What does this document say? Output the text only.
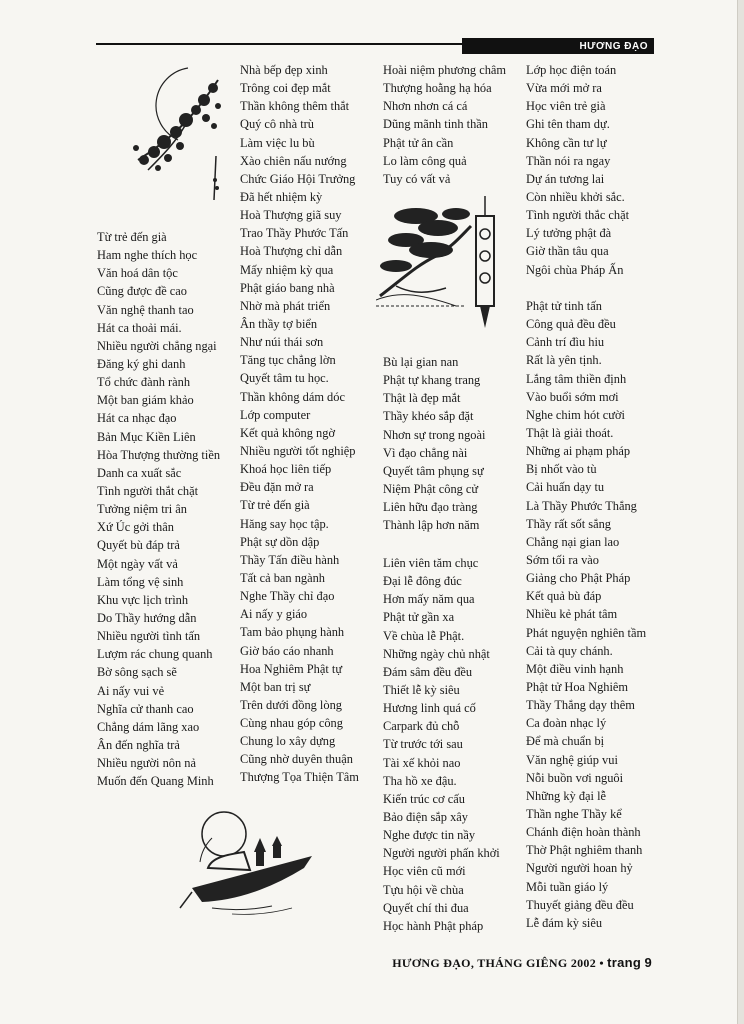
HƯƠNG ĐẠO
Từ trẻ đến già
Ham nghe thích học
Văn hoá dân tộc
Cũng được đề cao
Văn nghệ thanh tao
Hát ca thoải mái.
Nhiều người chẳng ngại
Đăng ký ghi danh
Tổ chức đành rành
Một ban giám khảo
Hát ca nhạc đạo
Bản Mục Kiền Liên
Hòa Thượng thường tiền
Danh ca xuất sắc
Tình người thắt chặt
Tưởng niệm tri ân
Xứ Úc gởi thân
Quyết bù đáp trả
Một ngày vất vả
Làm tổng vệ sinh
Khu vực lịch trình
Do Thầy hướng dẫn
Nhiều người tình tấn
Lượm rác chung quanh
Bờ sông sạch sẽ
Ai nấy vui vẻ
Nghĩa cử thanh cao
Chẳng dám lãng xao
Ân đến nghĩa trả
Nhiều người nôn nả
Muốn đến Quang Minh
Nhà bếp đẹp xinh
Trông coi đẹp mắt
Thần không thêm thắt
Quý cô nhà trù
Làm việc lu bù
Xào chiên nấu nướng
Chức Giáo Hội Trưởng
Đã hết nhiệm kỳ
Hoà Thượng giã suy
Trao Thầy Phước Tấn
Hoà Thượng chỉ dẫn
Mấy nhiệm kỳ qua
Phật giáo bang nhà
Nhờ mà phát triển
Ân thầy tợ biển
Như núi thái sơn
Tăng tục chẳng lờn
Quyết tâm tu học.
Thần không dám dóc
Lớp computer
Kết quả không ngờ
Nhiều người tốt nghiệp
Khoá học liên tiếp
Đều đặn mở ra
Từ trẻ đến già
Hăng say học tập.
Phật sự dồn dập
Thầy Tấn điều hành
Tất cả ban ngành
Nghe Thầy chỉ đạo
Ai nấy y giáo
Tam bảo phụng hành
Giờ báo cáo nhanh
Hoa Nghiêm Phật tự
Một ban trị sự
Trên dưới đồng lòng
Cùng nhau góp công
Chung lo xây dựng
Cũng nhờ duyên thuận
Thượng Tọa Thiện Tâm
Hoài niệm phương châm
Thượng hoằng hạ hóa
Nhơn nhơn cá cá
Dũng mãnh tinh thần
Phật tử ân cần
Lo làm công quả
Tuy có vất vả
Bù lại gian nan
Phật tự khang trang
Thật là đẹp mắt
Thầy khéo sắp đặt
Nhơn sự trong ngoài
Vì đạo chẳng nài
Quyết tâm phụng sự
Niệm Phật công cử
Liên hữu đạo tràng
Thành lập hơn năm
Liên viên tăm chục
Đại lễ đông đúc
Hơn mấy năm qua
Phật tử gần xa
Về chùa lễ Phật.
Những ngày chủ nhật
Đám sâm đều đều
Thiết lễ kỳ siêu
Hương linh quá cố
Carpark đủ chỗ
Từ trước tới sau
Tài xế khỏi nao
Tha hồ xe đậu.
Kiến trúc cơ cấu
Bảo điện sắp xây
Nghe được tin nầy
Người người phấn khởi
Học viên cũ mới
Tựu hội về chùa
Quyết chí thi đua
Học hành Phật pháp
Lớp học điện toán
Vừa mới mở ra
Học viên trẻ già
Ghi tên tham dự.
Không cần tư lự
Thần nói ra ngay
Dự án tương lai
Còn nhiều khởi sắc.
Tình người thắc chặt
Lý tưởng phật đà
Giờ thần tâu qua
Ngôi chùa Pháp Ấn
Phật tử tinh tấn
Công quả đều đều
Cảnh trí đìu hiu
Rất là yên tịnh.
Lắng tâm thiền định
Vào buổi sớm mơi
Nghe chim hót cười
Thật là giải thoát.
Những ai phạm pháp
Bị nhốt vào tù
Cải huấn dạy tu
Là Thầy Phước Thắng
Thầy rất sốt sắng
Chẳng nại gian lao
Sớm tối ra vào
Giảng cho Phật Pháp
Kết quả bù đáp
Nhiều kẻ phát tâm
Phát nguyện nghiên tầm
Cải tà quy chánh.
Một điều vinh hạnh
Phật tử Hoa Nghiêm
Thầy Thắng dạy thêm
Ca đoàn nhạc lý
Để mà chuẩn bị
Văn nghệ giúp vui
Nỗi buồn vơi nguôi
Những kỳ đại lễ
Thần nghe Thầy kể
Chánh điện hoàn thành
Thờ Phật nghiêm thanh
Người người hoan hỷ
Mỗi tuần giáo lý
Thuyết giảng đều đều
Lễ đám kỳ siêu
HƯƠNG ĐẠO, THÁNG GIÊNG 2002 • trang 9
